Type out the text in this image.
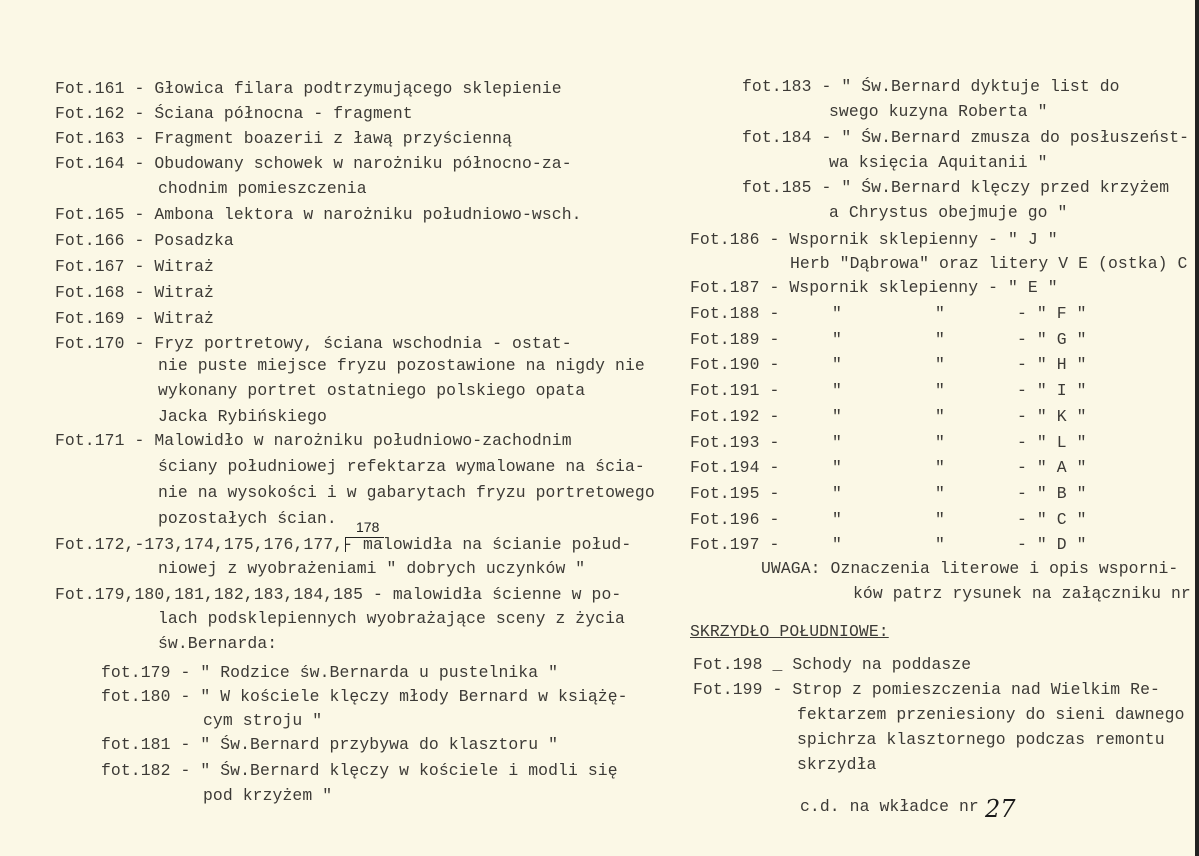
Fot.161 - Głowica filara podtrzymującego sklepienie
Fot.162 - Ściana północna - fragment
Fot.163 - Fragment boazerii z ławą przyścienną
Fot.164 - Obudowany schowek w narożniku północno-za-
chodnim pomieszczenia
Fot.165 - Ambona lektora w narożniku południowo-wsch.
Fot.166 - Posadzka
Fot.167 - Witraż
Fot.168 - Witraż
Fot.169 - Witraż
Fot.170 - Fryz portretowy, ściana wschodnia - ostat-
nie puste miejsce fryzu pozostawione na nigdy nie
wykonany portret ostatniego polskiego opata
Jacka Rybińskiego
Fot.171 - Malowidło w narożniku południowo-zachodnim
ściany południowej refektarza wymalowane na ścia-
nie na wysokości i w gabarytach fryzu portretowego
pozostałych ścian.
Fot.172,-173,174,175,176,177,- malowidła na ścianie połud-
niowej z wyobrażeniami " dobrych uczynków "
Fot.179,180,181,182,183,184,185 - malowidła ścienne w po-
lach podsklepiennych wyobrażające sceny z życia
św.Bernarda:
fot.179 - " Rodzice św.Bernarda u pustelnika "
fot.180 - " W kościele klęczy młody Bernard w książę-
cym stroju "
fot.181 - " Św.Bernard przybywa do klasztoru "
fot.182 - " Św.Bernard klęczy w kościele i modli się
pod krzyżem "
178
fot.183 - " Św.Bernard dyktuje list do
swego kuzyna Roberta "
fot.184 - " Św.Bernard zmusza do posłuszeńst-
wa księcia Aquitanii "
fot.185 - " Św.Bernard klęczy przed krzyżem
a Chrystus obejmuje go "
Fot.186 - Wspornik sklepienny - " J "
Herb "Dąbrowa" oraz litery V E (ostka) C
Fot.187 - Wspornik sklepienny - " E "
Fot.188 -	"	"	- " F "
Fot.189 -	"	"	- " G "
Fot.190 -	"	"	- " H "
Fot.191 -	"	"	- " I "
Fot.192 -	"	"	- " K "
Fot.193 -	"	"	- " L "
Fot.194 -	"	"	- " A "
Fot.195 -	"	"	- " B "
Fot.196 -	"	"	- " C "
Fot.197 -	"	"	- " D "
UWAGA: Oznaczenia literowe i opis wsporni-
ków patrz rysunek na załączniku nr
SKRZYDŁO POŁUDNIOWE:
Fot.198 _ Schody na poddasze
Fot.199 - Strop z pomieszczenia nad Wielkim Re-
fektarzem przeniesiony do sieni dawnego
spichrza klasztornego podczas remontu
skrzydła
c.d. na wkładce nr 27
